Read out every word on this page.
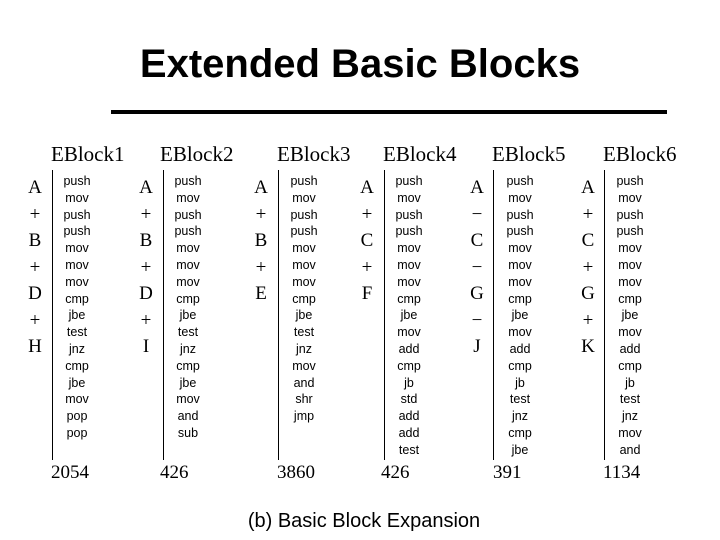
Extended Basic Blocks
EBlock1
A
+
B
+
D
+
H
push
mov
push
push
mov
mov
mov
cmp
jbe
test
jnz
cmp
jbe
mov
pop
pop
2054
EBlock2
A
+
B
+
D
+
I
push
mov
push
push
mov
mov
mov
cmp
jbe
test
jnz
cmp
jbe
mov
and
sub
426
EBlock3
A
+
B
+
E
push
mov
push
push
mov
mov
mov
cmp
jbe
test
jnz
mov
and
shr
jmp
3860
EBlock4
A
+
C
+
F
push
mov
push
push
mov
mov
mov
cmp
jbe
mov
add
cmp
jb
std
add
add
test
426
EBlock5
A
−
C
−
G
−
J
push
mov
push
push
mov
mov
mov
cmp
jbe
mov
add
cmp
jb
test
jnz
cmp
jbe
391
EBlock6
A
+
C
+
G
+
K
push
mov
push
push
mov
mov
mov
cmp
jbe
mov
add
cmp
jb
test
jnz
mov
and
1134
(b) Basic Block Expansion
